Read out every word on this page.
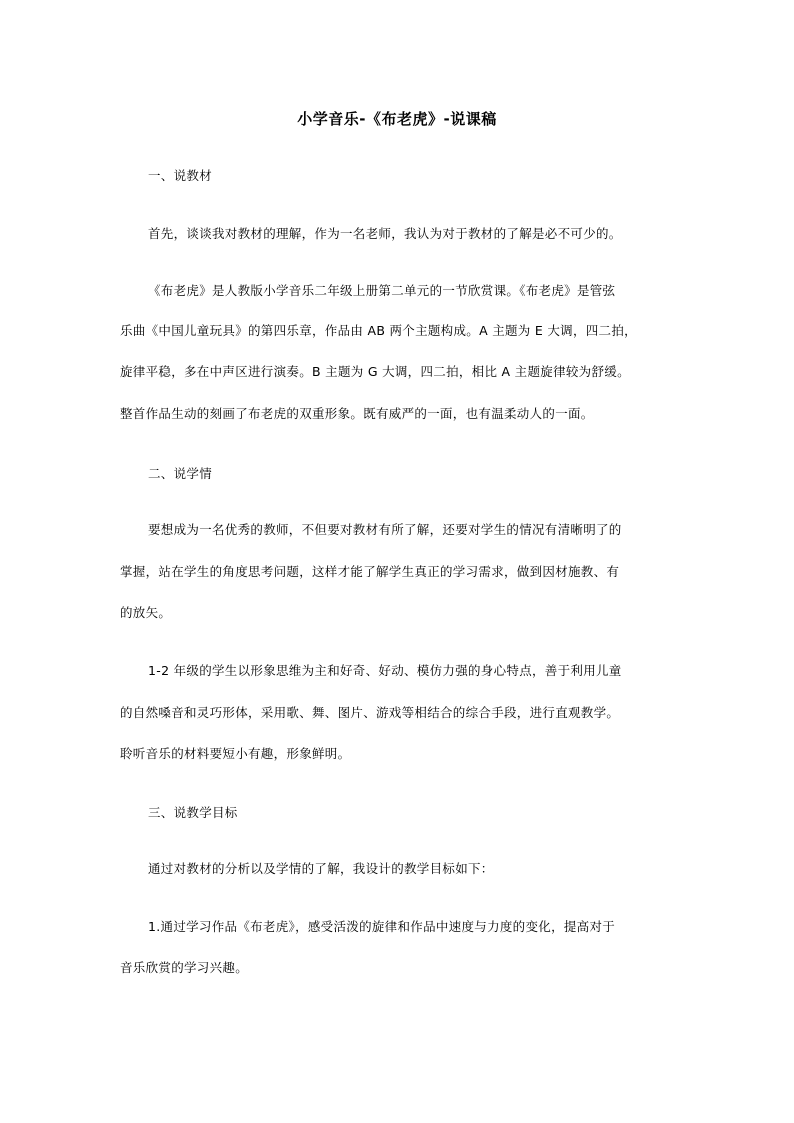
小学音乐-《布老虎》-说课稿
一、说教材
首先，谈谈我对教材的理解，作为一名老师，我认为对于教材的了解是必不可少的。
《布老虎》是人教版小学音乐二年级上册第二单元的一节欣赏课。《布老虎》是管弦
乐曲《中国儿童玩具》的第四乐章，作品由 AB 两个主题构成。A 主题为 E 大调，四二拍，
旋律平稳，多在中声区进行演奏。B 主题为 G 大调，四二拍，相比 A 主题旋律较为舒缓。
整首作品生动的刻画了布老虎的双重形象。既有威严的一面，也有温柔动人的一面。
二、说学情
要想成为一名优秀的教师，不但要对教材有所了解，还要对学生的情况有清晰明了的
掌握，站在学生的角度思考问题，这样才能了解学生真正的学习需求，做到因材施教、有
的放矢。
1-2 年级的学生以形象思维为主和好奇、好动、模仿力强的身心特点，善于利用儿童
的自然嗓音和灵巧形体，采用歌、舞、图片、游戏等相结合的综合手段，进行直观教学。
聆听音乐的材料要短小有趣，形象鲜明。
三、说教学目标
通过对教材的分析以及学情的了解，我设计的教学目标如下：
1.通过学习作品《布老虎》，感受活泼的旋律和作品中速度与力度的变化，提高对于
音乐欣赏的学习兴趣。
